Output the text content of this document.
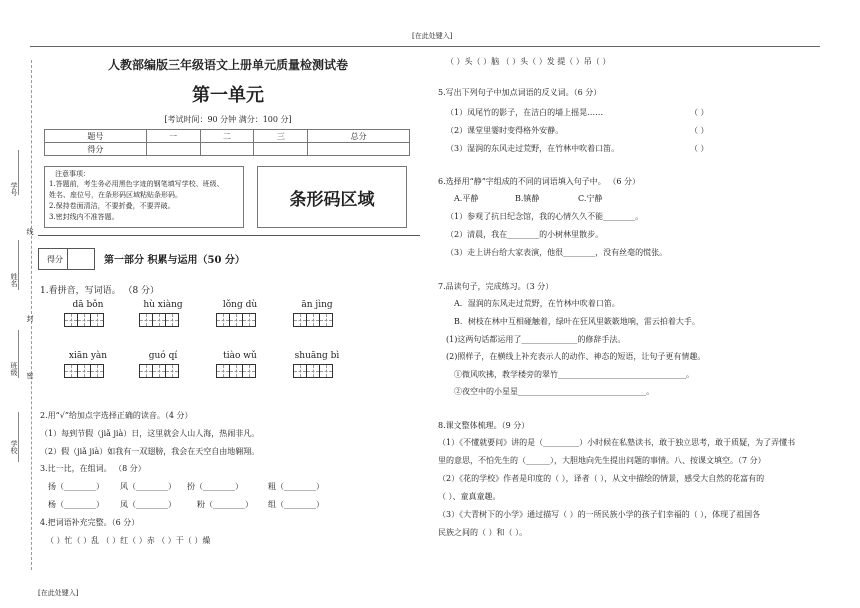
[在此处键入]
[在此处键入]
学号
姓名
班级
学校
线
封
密
人教部编版三年级语文上册单元质量检测试卷
第一单元
[考试时间：90 分钟 满分：100 分]
题号	一	二	三	总分
得分				
注意事项：
1.答题前，考生务必用黑色字迹的钢笔填写学校、班级、
姓名、座位号，在条形码区域粘贴条形码。
2.保持卷面清洁，不要折叠，不要弄破。
3.密封线内不准答题。
条形码区域
得分	第一部分 积累与运用（50 分）
1.看拼音，写词语。 （8 分）
dā bǒn	hù xiàng	lǒng dù	ān jìng
xiān yàn	guó qí	tiào wǔ	shuāng bì
2.用“√”给加点字选择正确的读音。（4 分）
（1）每到节假（jiǎ jià）日，这里就会人山人海，热闹非凡。
（2）假（jiǎ jià）如我有一双翅膀，我会在天空自由地翱翔。
3.比一比，在组词。 （8 分）
扬（________） 风（________） 扮（________）	粗（________）
杨（________） 凤（________）	粉（________） 组（________）
4.把词语补充完整。（6 分）
（ ）忙（ ）乱 （ ）红（ ）赤 （ ）干（ ）燥
（ ）头（ ）脑 （ ）头（ ）发 提（ ）吊（ ）
5.写出下列句子中加点词语的反义词。（6 分）
（1）凤尾竹的影子，在洁白的墙上摇晃……	（ ）
（2）课堂里霎时变得格外安静。	（ ）
（3）湿润的东风走过荒野，在竹林中吹着口笛。	（ ）
6.选择用“静”字组成的不同的词语填入句子中。 （6 分）
A.平静	B.镇静	C.宁静
（1）参观了抗日纪念馆，我的心情久久不能________。
（2）清晨，我在________的小树林里散步。
（3）走上讲台给大家表演，他很________，没有丝毫的慌张。
7.品读句子，完成练习。（3 分）
A．湿润的东风走过荒野，在竹林中吹着口笛。
B．树枝在林中互相碰触着，绿叶在狂风里簌簌地响，雷云拍着大手。
(1)这两句话都运用了______________的修辞手法。
(2)照样子，在横线上补充表示人的动作、神态的短语，让句子更有情趣。
①微风吹拂，教学楼旁的翠竹________________________________。
②夜空中的小星星________________________________。
8.课文整体梳理。（9 分）
（1）《不懂就要问》讲的是（_________）小时候在私塾读书，敢于独立思考，敢于质疑，为了弄懂书
里的意思，不怕先生的（______），大胆地向先生提出问题的事情。八、按课文填空。（7 分）
（2）《花的学校》作者是印度的（ ），译者（ ），从文中描绘的情景，感受大自然的花富有的
（ ）、童真童趣。
（3）《大青树下的小学》通过描写（ ）的一所民族小学的孩子们幸福的（ ），体现了祖国各
民族之间的（ ）和（ ）。
